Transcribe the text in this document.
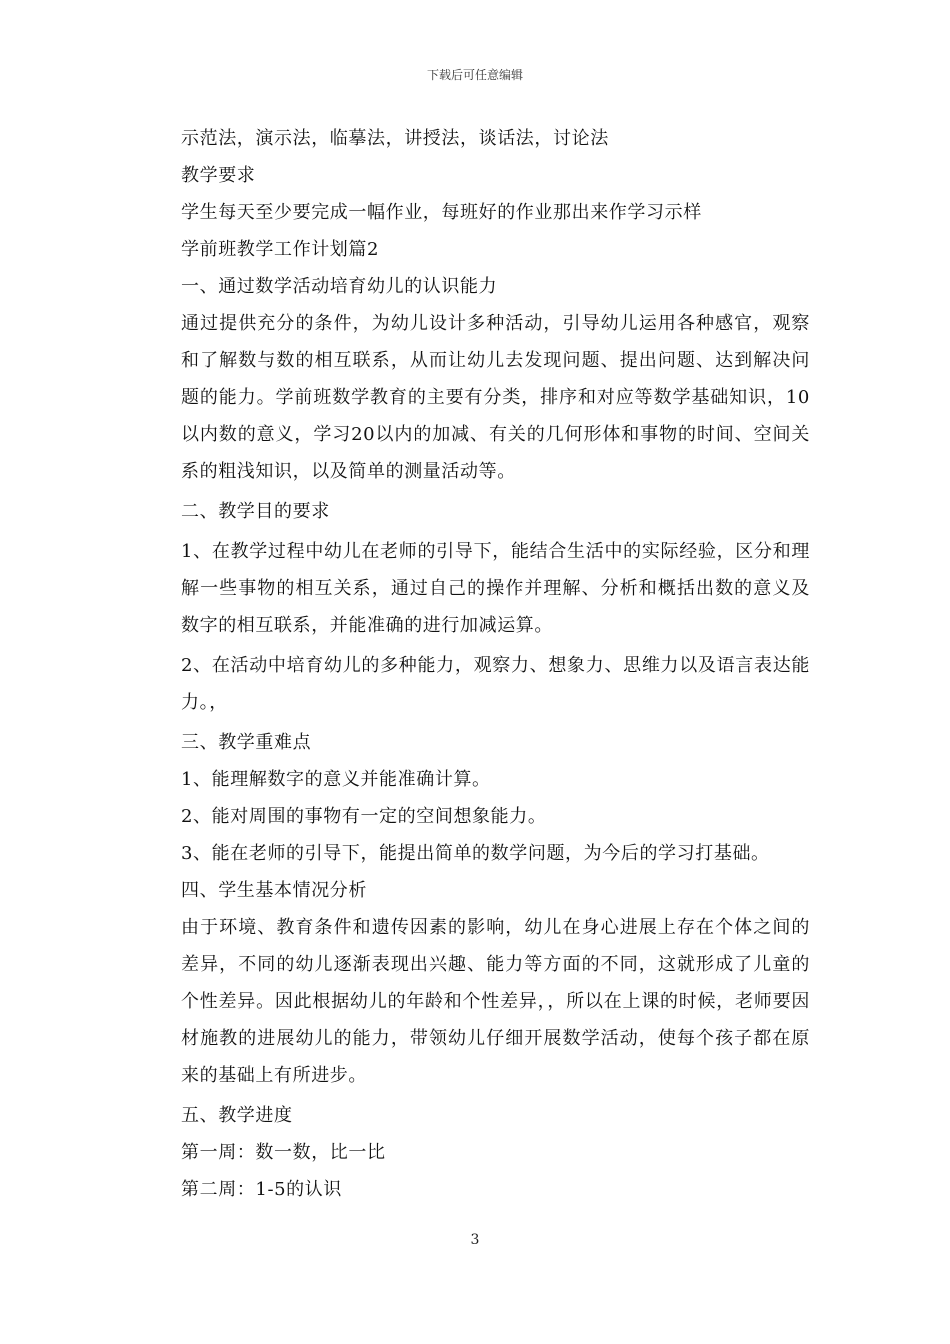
下载后可任意编辑

示范法，演示法，临摹法，讲授法，谈话法，讨论法

教学要求

学生每天至少要完成一幅作业，每班好的作业那出来作学习示样

学前班教学工作计划篇2

一、通过数学活动培育幼儿的认识能力

通过提供充分的条件，为幼儿设计多种活动，引导幼儿运用各种感官，观察和了解数与数的相互联系，从而让幼儿去发现问题、提出问题、达到解决问题的能力。学前班数学教育的主要有分类，排序和对应等数学基础知识，10以内数的意义，学习20以内的加减、有关的几何形体和事物的时间、空间关系的粗浅知识，以及简单的测量活动等。

二、教学目的要求

1、在教学过程中幼儿在老师的引导下，能结合生活中的实际经验，区分和理解一些事物的相互关系，通过自己的操作并理解、分析和概括出数的意义及数字的相互联系，并能准确的进行加减运算。

2、在活动中培育幼儿的多种能力，观察力、想象力、思维力以及语言表达能力。，

三、教学重难点

1、能理解数字的意义并能准确计算。

2、能对周围的事物有一定的空间想象能力。

3、能在老师的引导下，能提出简单的数学问题，为今后的学习打基础。

四、学生基本情况分析

由于环境、教育条件和遗传因素的影响，幼儿在身心进展上存在个体之间的差异，不同的幼儿逐渐表现出兴趣、能力等方面的不同，这就形成了儿童的个性差异。因此根据幼儿的年龄和个性差异，，所以在上课的时候，老师要因材施教的进展幼儿的能力，带领幼儿仔细开展数学活动，使每个孩子都在原来的基础上有所进步。

五、教学进度

第一周：数一数，比一比

第二周：1-5的认识

3
